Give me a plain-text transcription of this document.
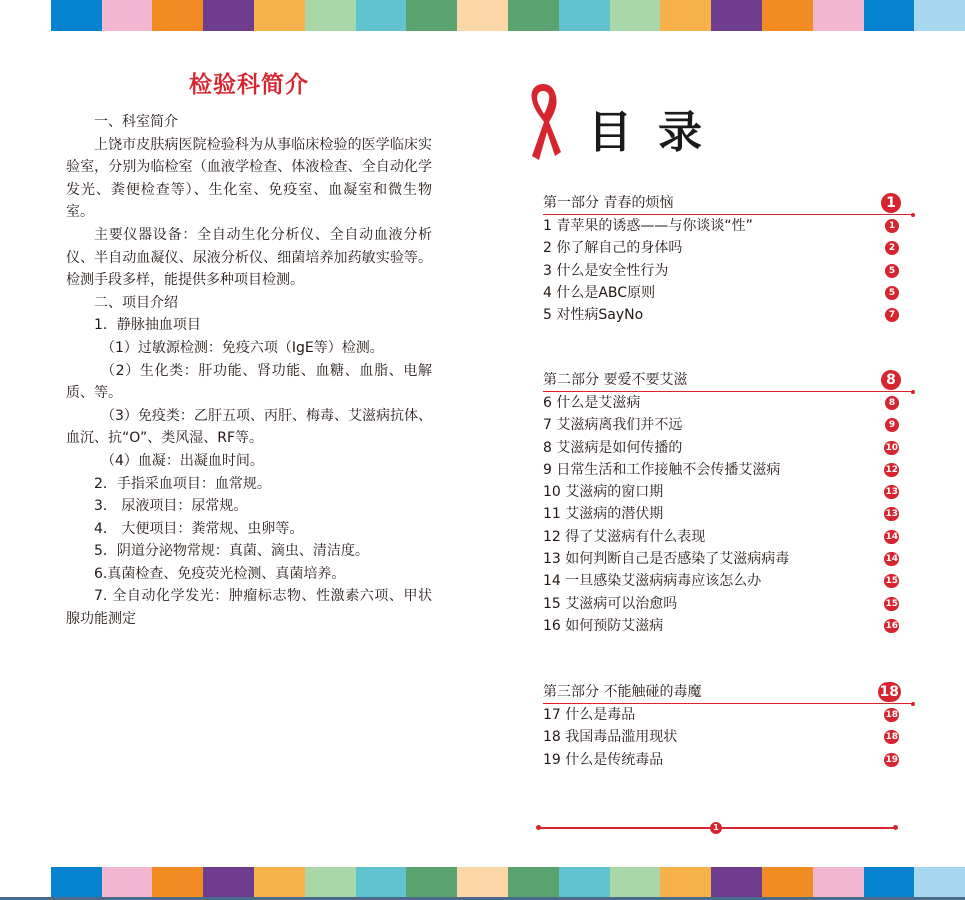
检验科简介

一、科室简介

上饶市皮肤病医院检验科为从事临床检验的医学临床实验室，分别为临检室（血液学检查、体液检查、全自动化学发光、粪便检查等）、生化室、免疫室、血凝室和微生物室。

主要仪器设备：全自动生化分析仪、全自动血液分析仪、半自动血凝仪、尿液分析仪、细菌培养加药敏实验等。检测手段多样，能提供多种项目检测。

二、项目介绍

1．静脉抽血项目

（1）过敏源检测：免疫六项（IgE等）检测。

（2）生化类：肝功能、肾功能、血糖、血脂、电解质、等。

（3）免疫类：乙肝五项、丙肝、梅毒、艾滋病抗体、血沉、抗“O”、类风湿、RF等。

（4）血凝：出凝血时间。

2．手指采血项目：血常规。

3． 尿液项目：尿常规。

4． 大便项目：粪常规、虫卵等。

5．阴道分泌物常规：真菌、滴虫、清洁度。

6.真菌检查、免疫荧光检测、真菌培养。

7. 全自动化学发光：肿瘤标志物、性激素六项、甲状腺功能测定

目录
第一部分 青春的烦恼	1
1 青苹果的诱惑——与你谈谈“性”	1
2 你了解自己的身体吗	2
3 什么是安全性行为	5
4 什么是ABC原则	5
5 对性病SayNo	7
第二部分 要爱不要艾滋	8
6 什么是艾滋病	8
7 艾滋病离我们并不远	9
8 艾滋病是如何传播的	10
9 日常生活和工作接触不会传播艾滋病	12
10 艾滋病的窗口期	13
11 艾滋病的潜伏期	13
12 得了艾滋病有什么表现	14
13 如何判断自己是否感染了艾滋病病毒	14
14 一旦感染艾滋病病毒应该怎么办	15
15 艾滋病可以治愈吗	15
16 如何预防艾滋病	16
第三部分 不能触碰的毒魔	18
17 什么是毒品	18
18 我国毒品滥用现状	18
19 什么是传统毒品	19
1
